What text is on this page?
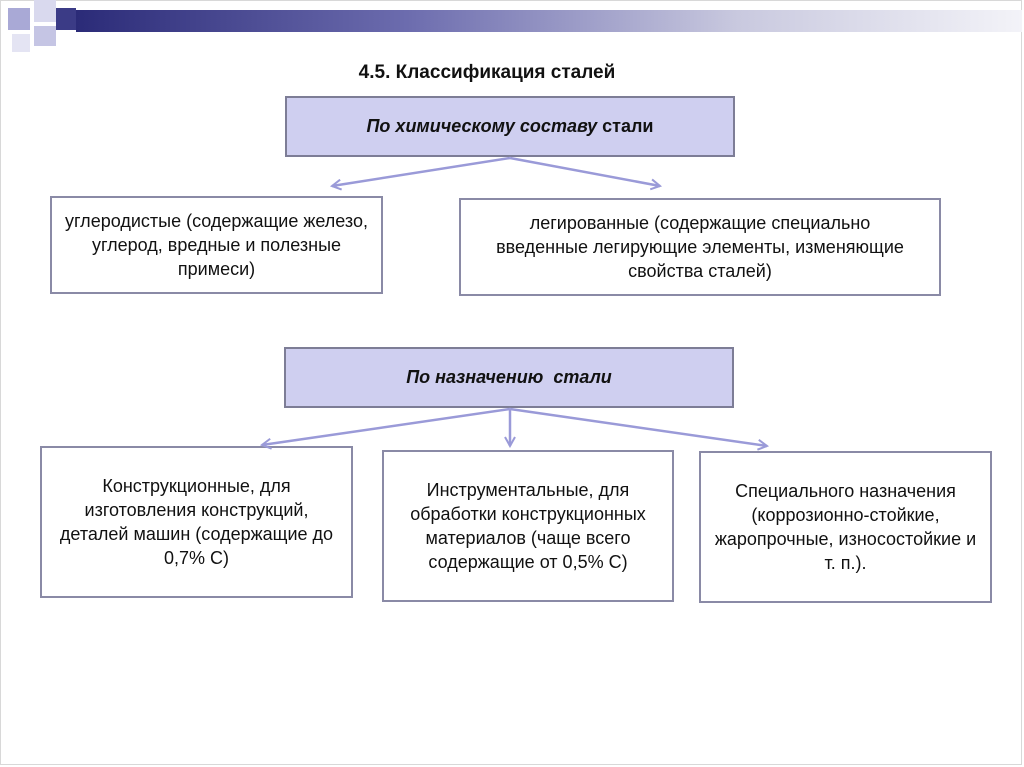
4.5. Классификация сталей
По химическому составу стали
углеродистые (содержащие железо, углерод, вредные и полезные примеси)
легированные (содержащие специально введенные легирующие элементы, изменяющие свойства сталей)
По назначению  стали
Конструкционные, для изготовления конструкций, деталей машин (содержащие до 0,7% С)
Инструментальные, для обработки конструкционных материалов (чаще всего содержащие от 0,5% С)
Специального назначения (коррозионно-стойкие, жаропрочные, износостойкие и т. п.).
